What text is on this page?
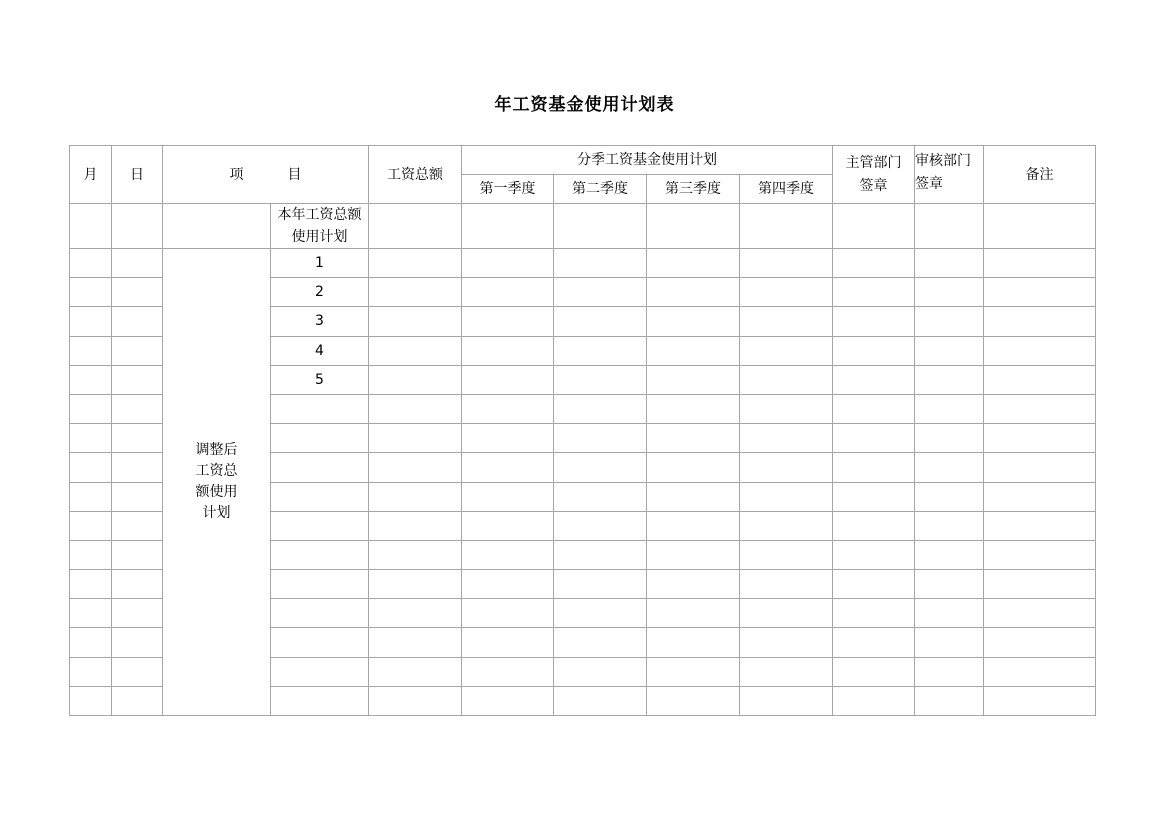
年工资基金使用计划表
月	日	项 目		工资总额	分季工资基金使用计划				主管部门签章	审核部门签章	备注
					第一季度	第二季度	第三季度	第四季度			

			本年工资总额使用计划								

		调整后工资总额使用计划	1								
			2								
			3								
			4								
			5								
